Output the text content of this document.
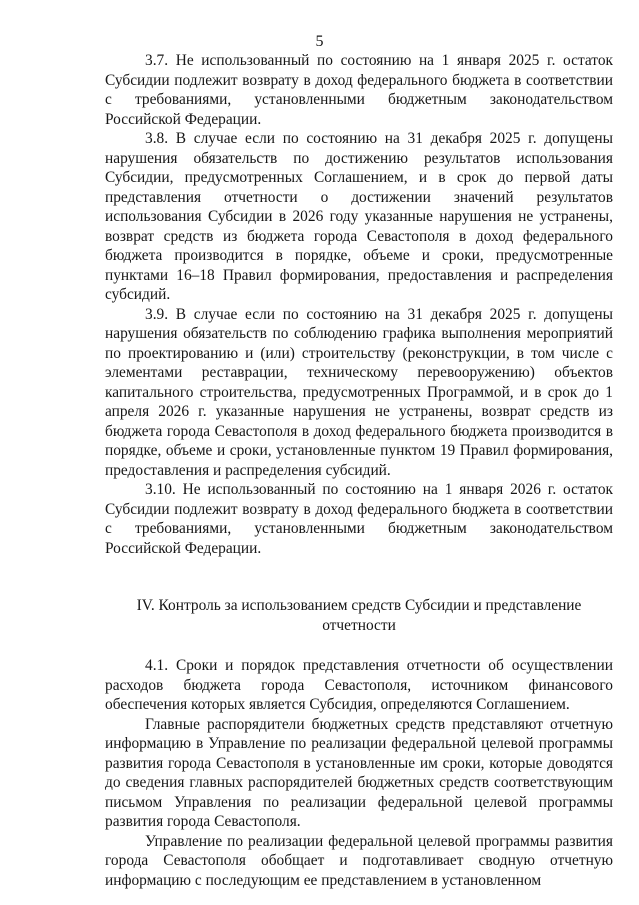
5

3.7. Не использованный по состоянию на 1 января 2025 г. остаток Субсидии подлежит возврату в доход федерального бюджета в соответствии с требованиями, установленными бюджетным законодательством Российской Федерации.

3.8. В случае если по состоянию на 31 декабря 2025 г. допущены нарушения обязательств по достижению результатов использования Субсидии, предусмотренных Соглашением, и в срок до первой даты представления отчетности о достижении значений результатов использования Субсидии в 2026 году указанные нарушения не устранены, возврат средств из бюджета города Севастополя в доход федерального бюджета производится в порядке, объеме и сроки, предусмотренные пунктами 16–18 Правил формирования, предоставления и распределения субсидий.

3.9. В случае если по состоянию на 31 декабря 2025 г. допущены нарушения обязательств по соблюдению графика выполнения мероприятий по проектированию и (или) строительству (реконструкции, в том числе с элементами реставрации, техническому перевооружению) объектов капитального строительства, предусмотренных Программой, и в срок до 1 апреля 2026 г. указанные нарушения не устранены, возврат средств из бюджета города Севастополя в доход федерального бюджета производится в порядке, объеме и сроки, установленные пунктом 19 Правил формирования, предоставления и распределения субсидий.

3.10. Не использованный по состоянию на 1 января 2026 г. остаток Субсидии подлежит возврату в доход федерального бюджета в соответствии с требованиями, установленными бюджетным законодательством Российской Федерации.

IV. Контроль за использованием средств Субсидии и представление отчетности

4.1. Сроки и порядок представления отчетности об осуществлении расходов бюджета города Севастополя, источником финансового обеспечения которых является Субсидия, определяются Соглашением.

Главные распорядители бюджетных средств представляют отчетную информацию в Управление по реализации федеральной целевой программы развития города Севастополя в установленные им сроки, которые доводятся до сведения главных распорядителей бюджетных средств соответствующим письмом Управления по реализации федеральной целевой программы развития города Севастополя.

Управление по реализации федеральной целевой программы развития города Севастополя обобщает и подготавливает сводную отчетную информацию с последующим ее представлением в установленном
